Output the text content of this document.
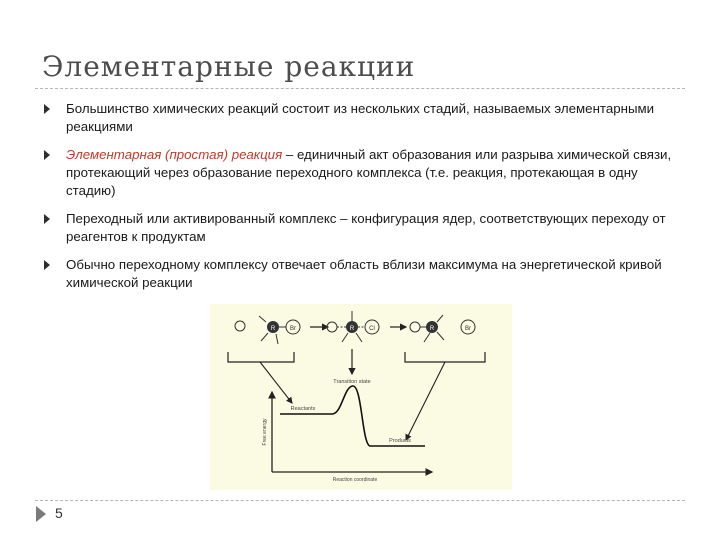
Элементарные реакции
Большинство химических реакций состоит из нескольких стадий, называемых элементарными реакциями
Элементарная (простая) реакция – единичный акт образования или разрыва химической связи, протекающий через образование переходного комплекса (т.е. реакция, протекающая в одну стадию)
Переходный или активированный комплекс – конфигурация ядер, соответствующих переходу от реагентов к продуктам
Обычно переходному комплексу отвечает область вблизи максимума на энергетической кривой химической реакции
Br
R	R Cl	R	Br
Transition state
Free energy
Reaction coordinate
Reactants
Products
5
